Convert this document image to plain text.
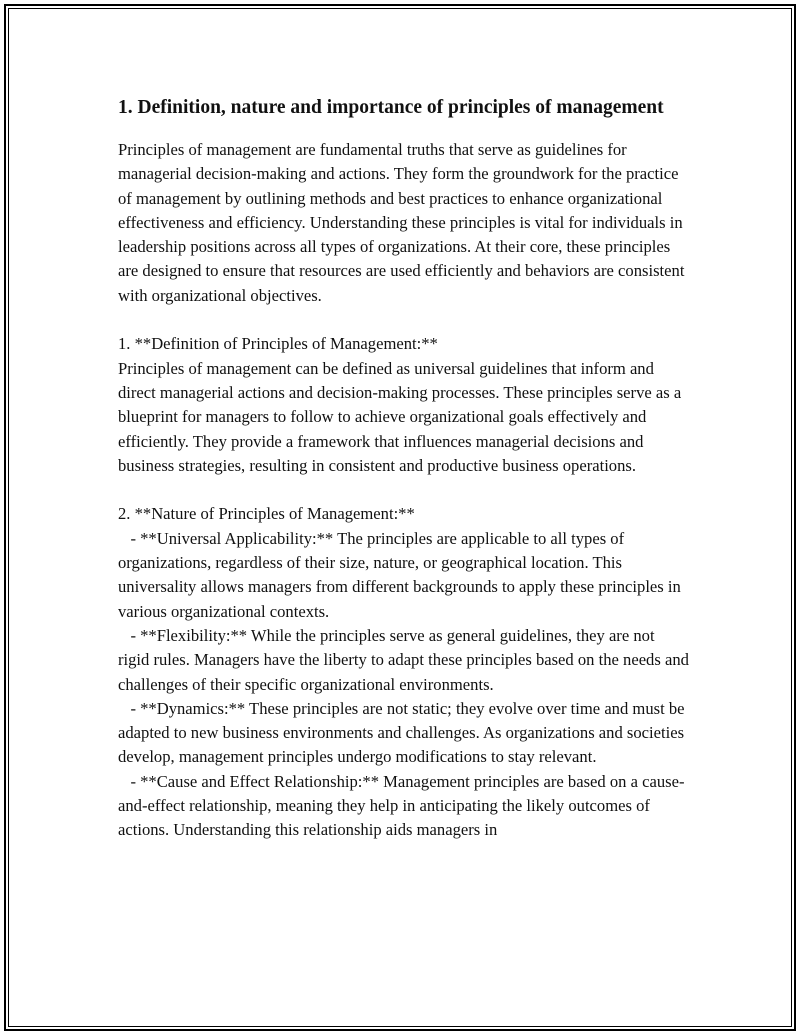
1. Definition, nature and importance of principles of management

Principles of management are fundamental truths that serve as guidelines for managerial decision-making and actions. They form the groundwork for the practice of management by outlining methods and best practices to enhance organizational effectiveness and efficiency. Understanding these principles is vital for individuals in leadership positions across all types of organizations. At their core, these principles are designed to ensure that resources are used efficiently and behaviors are consistent with organizational objectives.

1. **Definition of Principles of Management:**

Principles of management can be defined as universal guidelines that inform and direct managerial actions and decision-making processes. These principles serve as a blueprint for managers to follow to achieve organizational goals effectively and efficiently. They provide a framework that influences managerial decisions and business strategies, resulting in consistent and productive business operations.

2. **Nature of Principles of Management:**

- **Universal Applicability:** The principles are applicable to all types of organizations, regardless of their size, nature, or geographical location. This universality allows managers from different backgrounds to apply these principles in various organizational contexts.

- **Flexibility:** While the principles serve as general guidelines, they are not rigid rules. Managers have the liberty to adapt these principles based on the needs and challenges of their specific organizational environments.

- **Dynamics:** These principles are not static; they evolve over time and must be adapted to new business environments and challenges. As organizations and societies develop, management principles undergo modifications to stay relevant.

- **Cause and Effect Relationship:** Management principles are based on a cause-and-effect relationship, meaning they help in anticipating the likely outcomes of actions. Understanding this relationship aids managers in
